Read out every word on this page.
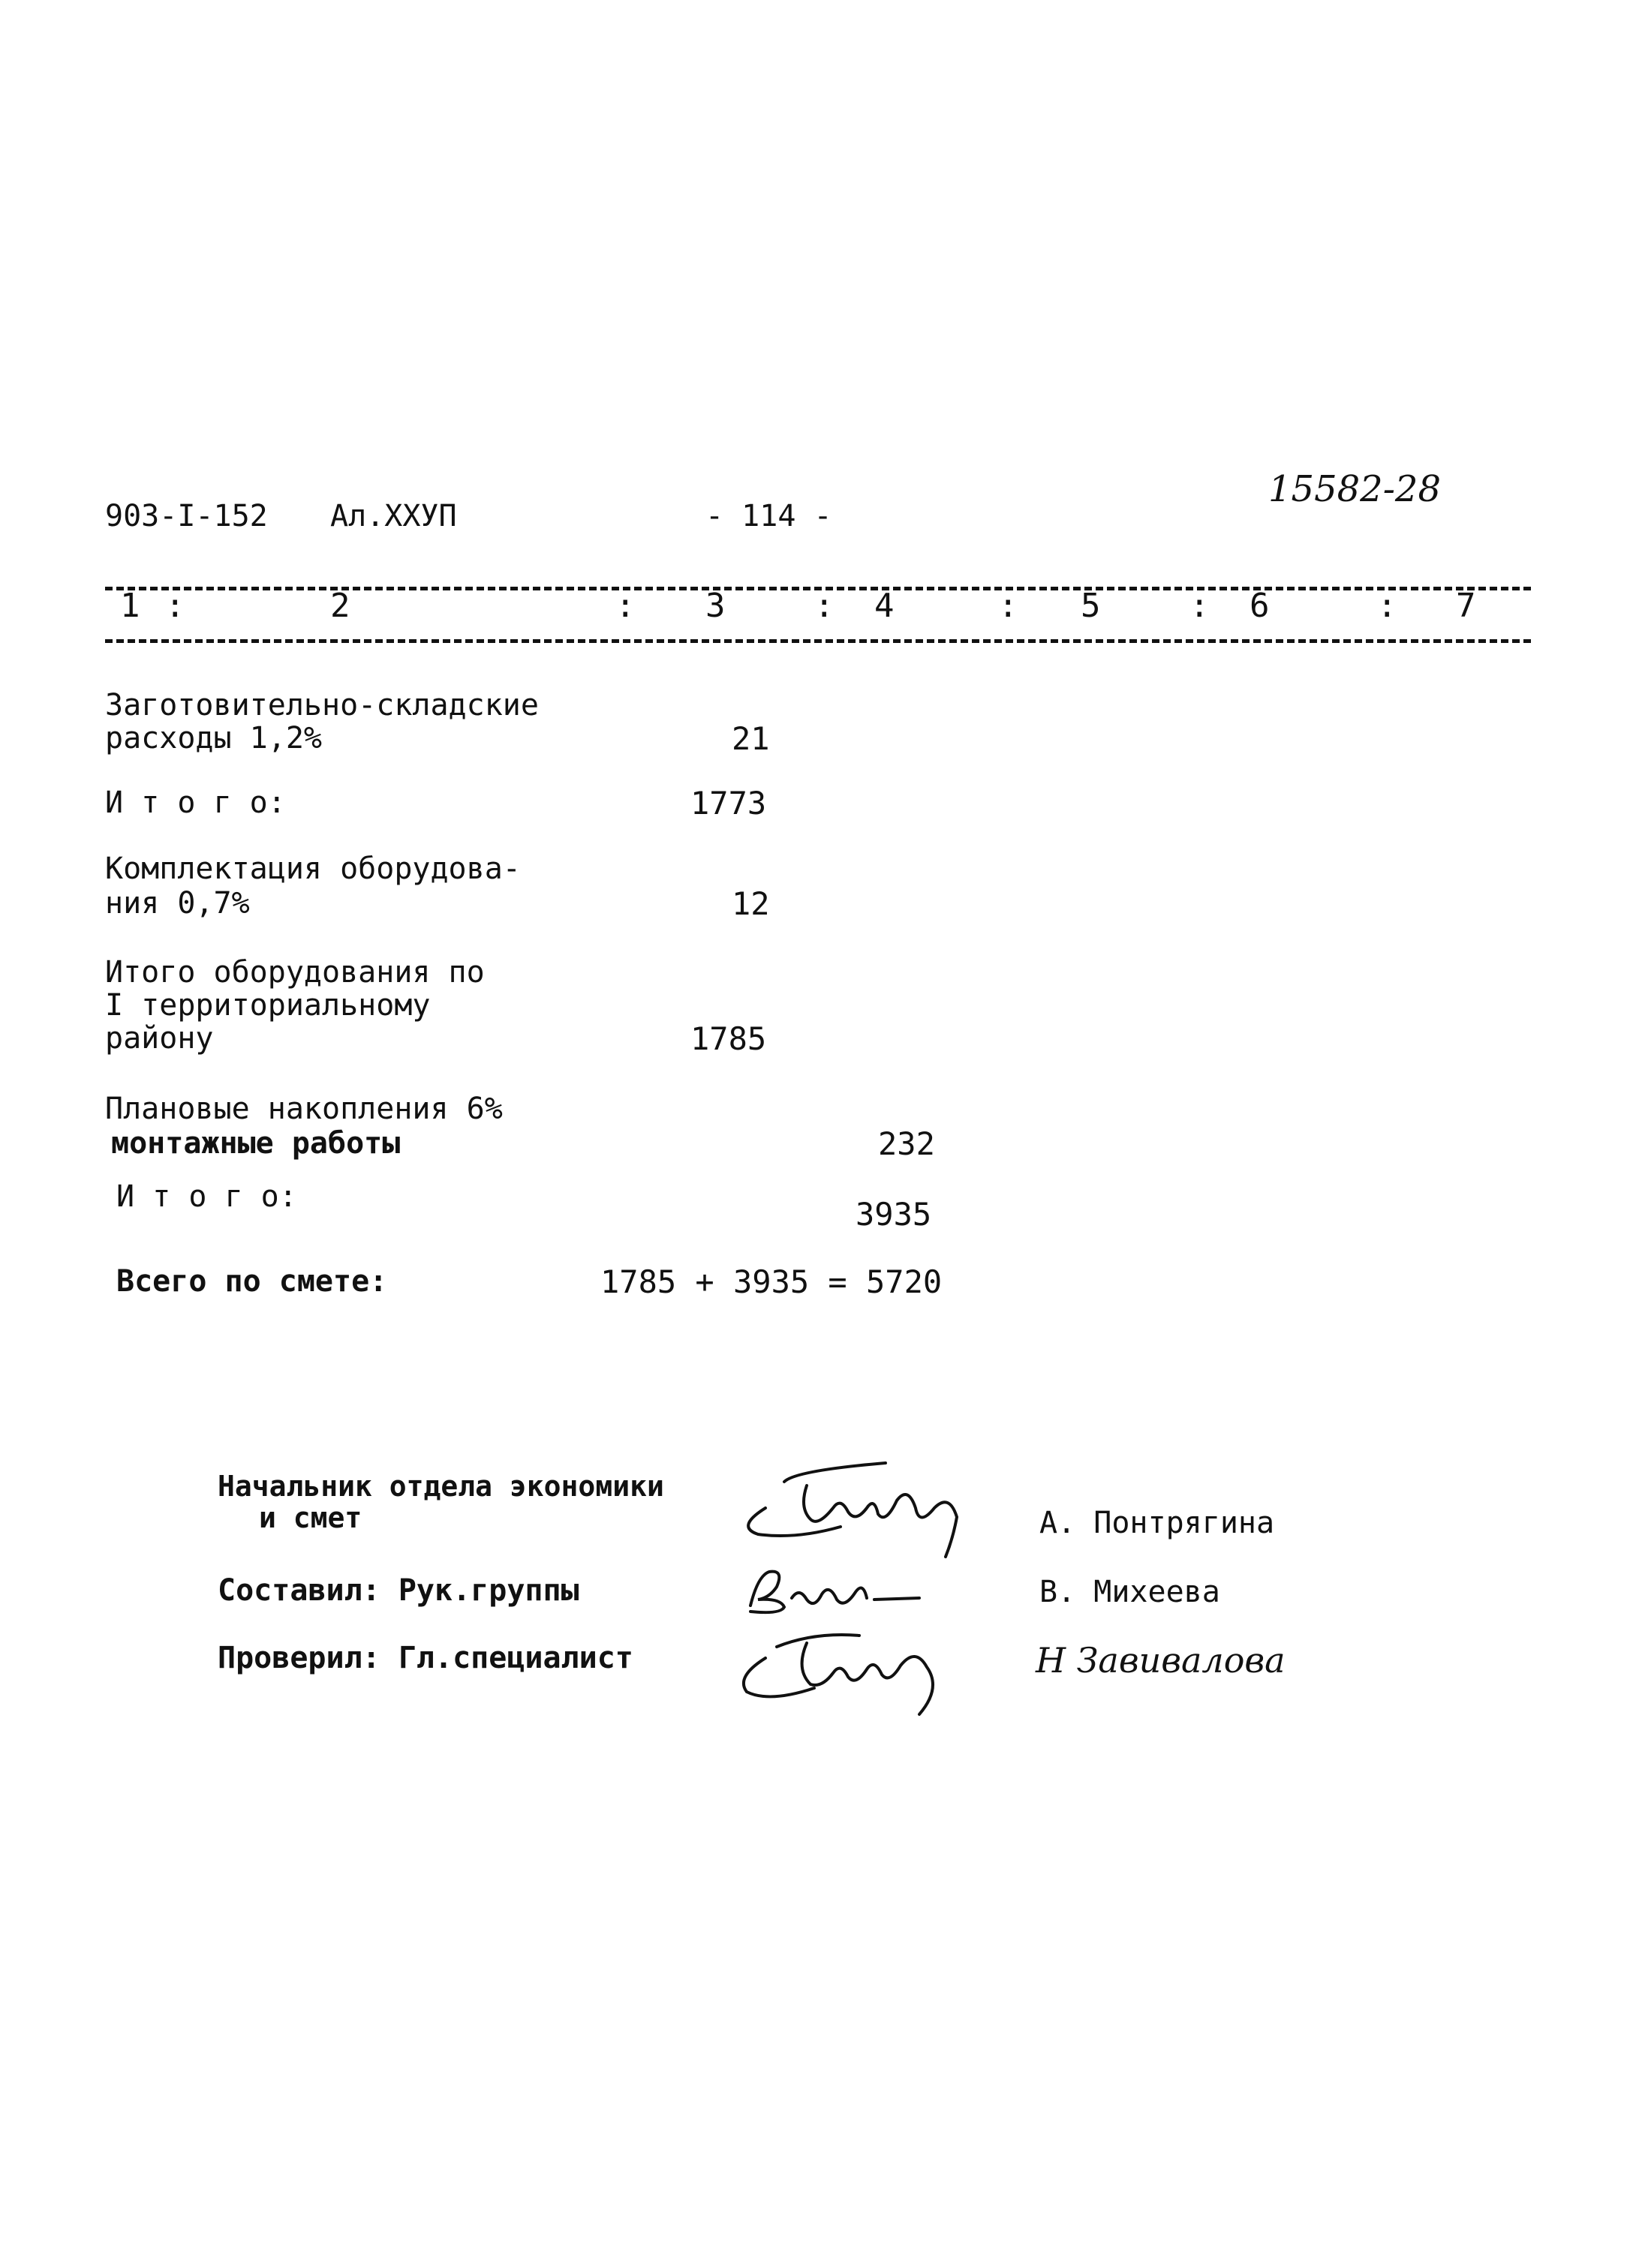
903-I-152 Ал.XXУП	- 114 -
15582-28
1 :	2	: 3	: 4	: 5	: 6	: 7
Заготовительно-складские
расходы 1,2%	21
И т о г о:	1773
Комплектация оборудова-
ния 0,7%	12
Итого оборудования по
I территориальному
району	1785
Плановые накопления 6%
монтажные работы	232
И т о г о:	3935
Всего по смете:	1785 + 3935 = 5720
Начальник отдела экономики
и смет	А. Понтрягина
Составил: Рук.группы	В. Михеева
Проверил: Гл.специалист	Н Завивалова
